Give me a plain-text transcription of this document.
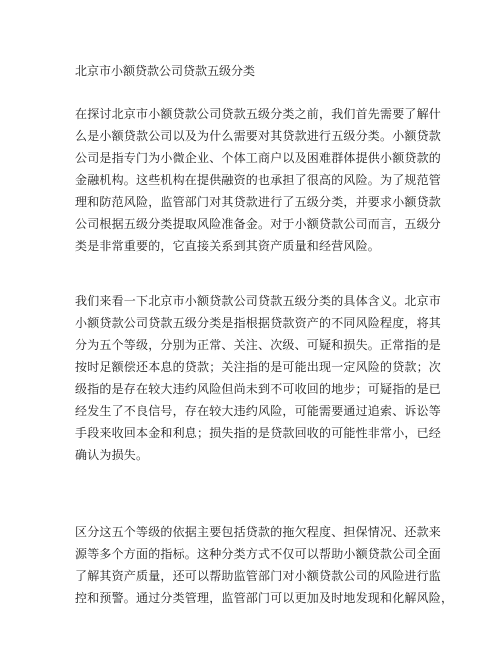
北京市小额贷款公司贷款五级分类
在探讨北京市小额贷款公司贷款五级分类之前，我们首先需要了解什
么是小额贷款公司以及为什么需要对其贷款进行五级分类。小额贷款
公司是指专门为小微企业、个体工商户以及困难群体提供小额贷款的
金融机构。这些机构在提供融资的也承担了很高的风险。为了规范管
理和防范风险，监管部门对其贷款进行了五级分类，并要求小额贷款
公司根据五级分类提取风险准备金。对于小额贷款公司而言，五级分
类是非常重要的，它直接关系到其资产质量和经营风险。
我们来看一下北京市小额贷款公司贷款五级分类的具体含义。北京市
小额贷款公司贷款五级分类是指根据贷款资产的不同风险程度，将其
分为五个等级，分别为正常、关注、次级、可疑和损失。正常指的是
按时足额偿还本息的贷款；关注指的是可能出现一定风险的贷款；次
级指的是存在较大违约风险但尚未到不可收回的地步；可疑指的是已
经发生了不良信号，存在较大违约风险，可能需要通过追索、诉讼等
手段来收回本金和利息；损失指的是贷款回收的可能性非常小，已经
确认为损失。
区分这五个等级的依据主要包括贷款的拖欠程度、担保情况、还款来
源等多个方面的指标。这种分类方式不仅可以帮助小额贷款公司全面
了解其资产质量，还可以帮助监管部门对小额贷款公司的风险进行监
控和预警。通过分类管理，监管部门可以更加及时地发现和化解风险，
